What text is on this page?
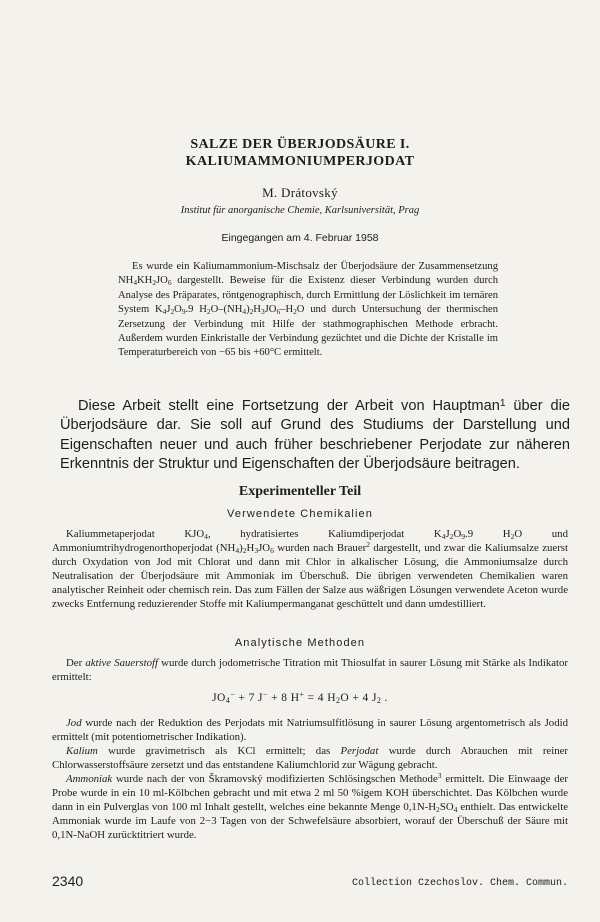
SALZE DER ÜBERJODSÄURE I.
KALIUMAMMONIUMPERJODAT
M. Drátovský
Institut für anorganische Chemie, Karlsuniversität, Prag
Eingegangen am 4. Februar 1958

Es wurde ein Kaliumammonium-Mischsalz der Überjodsäure der Zusammensetzung $NH_4KH_2JO_6$ dargestellt. Beweise für die Existenz dieser Verbindung wurden durch Analyse des Präparates, röntgenographisch, durch Ermittlung der Löslichkeit im ternären System $K_4J_2O_9.9$ $H_2O-(NH_4)_2H_3JO_6-H_2O$ und durch Untersuchung der thermischen Zersetzung der Verbindung mit Hilfe der stathmographischen Methode erbracht. Außerdem wurden Einkristalle der Verbindung gezüchtet und die Dichte der Kristalle im Temperaturbereich von −65 bis +60°C ermittelt.

Diese Arbeit stellt eine Fortsetzung der Arbeit von Hauptman$^1$ über die Überjodsäure dar. Sie soll auf Grund des Studiums der Darstellung und Eigenschaften neuer und auch früher beschriebener Perjodate zur näheren Erkenntnis der Struktur und Eigenschaften der Überjodsäure beitragen.

Experimenteller Teil
Verwendete Chemikalien

Kaliummetaperjodat $KJO_4$, hydratisiertes Kaliumdiperjodat $K_4J_2O_9.9$ $H_2O$ und Ammoniumtrihydrogenorthoperjodat $(NH_4)_2H_3JO_6$ wurden nach Brauer$^2$ dargestellt, und zwar die Kaliumsalze zuerst durch Oxydation von Jod mit Chlorat und dann mit Chlor in alkalischer Lösung, die Ammoniumsalze durch Neutralisation der Überjodsäure mit Ammoniak im Überschuß. Die übrigen verwendeten Chemikalien waren analytischer Reinheit oder chemisch rein. Das zum Fällen der Salze aus wäßrigen Lösungen verwendete Aceton wurde zwecks Entfernung reduzierender Stoffe mit Kaliumpermanganat geschüttelt und dann umdestilliert.

Analytische Methoden

Der aktive Sauerstoff wurde durch jodometrische Titration mit Thiosulfat in saurer Lösung mit Stärke als Indikator ermittelt:

$JO_4^- + 7$ J− + 8 H+ = 4 $H_2O + 4$ $J_2$ .

Jod wurde nach der Reduktion des Perjodats mit Natriumsulfitlösung in saurer Lösung argentometrisch als Jodid ermittelt (mit potentiometrischer Indikation).

Kalium wurde gravimetrisch als KCl ermittelt; das Perjodat wurde durch Abrauchen mit reiner Chlorwasserstoffsäure zersetzt und das entstandene Kaliumchlorid zur Wägung gebracht.

Ammoniak wurde nach der von Škramovský modifizierten Schlösingschen Methode$^3$ ermittelt. Die Einwaage der Probe wurde in ein 10 ml-Kölbchen gebracht und mit etwa 2 ml 50 %igem KOH überschichtet. Das Kölbchen wurde dann in ein Pulverglas von 100 ml Inhalt gestellt, welches eine bekannte Menge $0,1N-H_2SO_4$ enthielt. Das entwickelte Ammoniak wurde im Laufe von 2−3 Tagen von der Schwefelsäure absorbiert, worauf der Überschuß der Säure mit 0,1N-NaOH zurücktitriert wurde.

2340	Collection Czechoslov. Chem. Commun.
